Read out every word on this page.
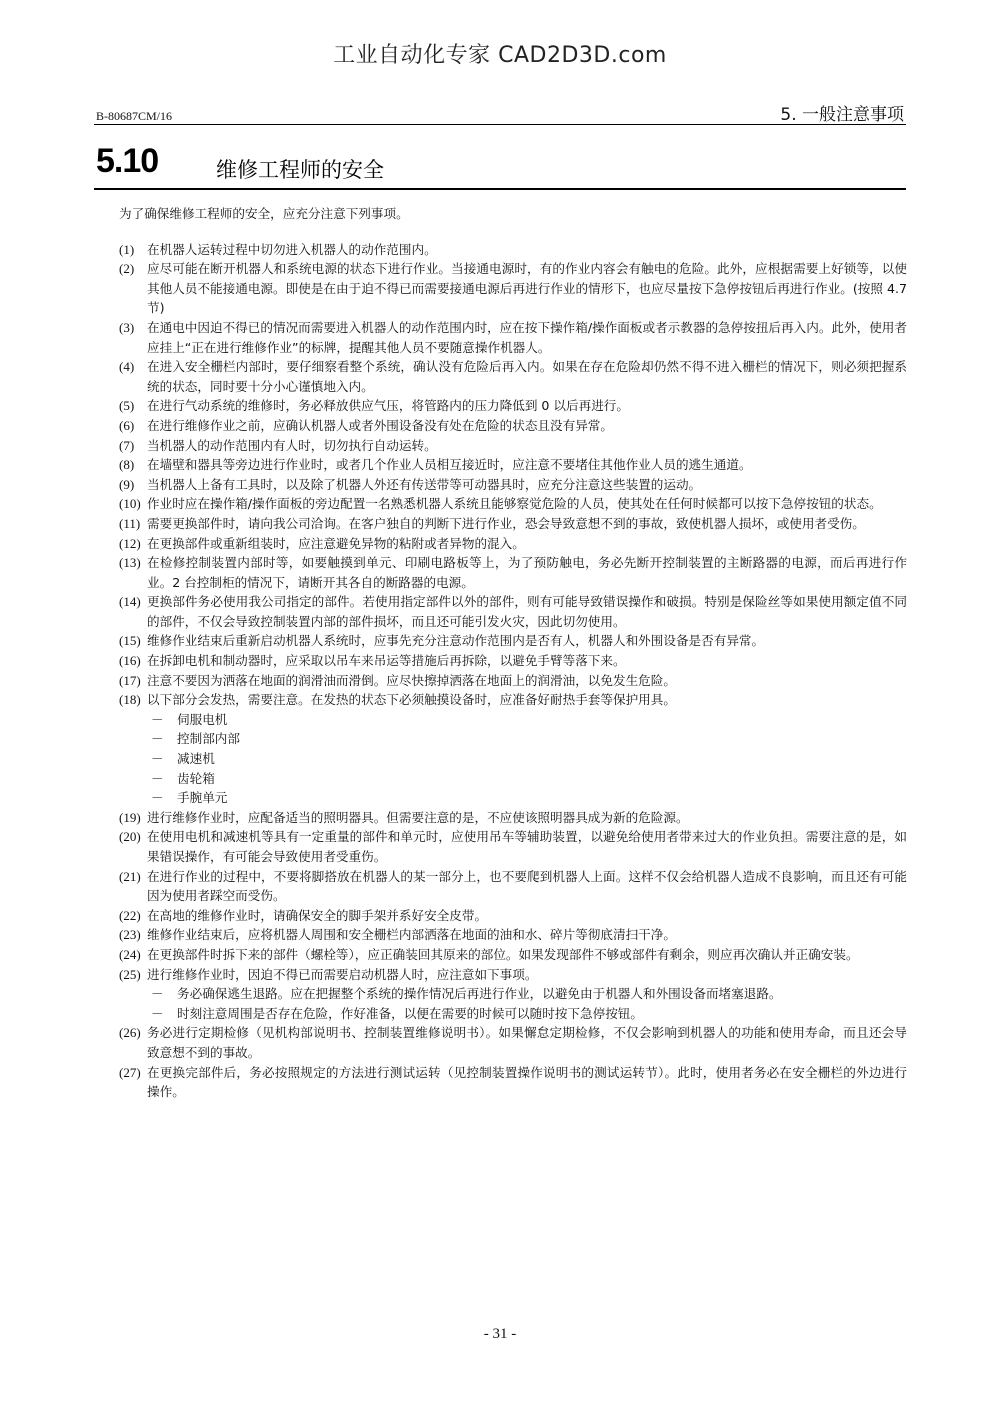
工业自动化专家 CAD2D3D.com
B-80687CM/16	5. 一般注意事项
5.10	维修工程师的安全

为了确保维修工程师的安全，应充分注意下列事项。

(1) 在机器人运转过程中切勿进入机器人的动作范围内。
(2) 应尽可能在断开机器人和系统电源的状态下进行作业。当接通电源时，有的作业内容会有触电的危险。此外，应根据需要上好锁等，以使其他人员不能接通电源。即使是在由于迫不得已而需要接通电源后再进行作业的情形下，也应尽量按下急停按钮后再进行作业。(按照 4.7 节)
(3) 在通电中因迫不得已的情况而需要进入机器人的动作范围内时，应在按下操作箱/操作面板或者示教器的急停按扭后再入内。此外，使用者应挂上“正在进行维修作业”的标牌，提醒其他人员不要随意操作机器人。
(4) 在进入安全栅栏内部时，要仔细察看整个系统，确认没有危险后再入内。如果在存在危险却仍然不得不进入栅栏的情况下，则必须把握系统的状态，同时要十分小心谨慎地入内。
(5) 在进行气动系统的维修时，务必释放供应气压，将管路内的压力降低到 0 以后再进行。
(6) 在进行维修作业之前，应确认机器人或者外围设备没有处在危险的状态且没有异常。
(7) 当机器人的动作范围内有人时，切勿执行自动运转。
(8) 在墙壁和器具等旁边进行作业时，或者几个作业人员相互接近时，应注意不要堵住其他作业人员的逃生通道。
(9) 当机器人上备有工具时，以及除了机器人外还有传送带等可动器具时，应充分注意这些装置的运动。
(10) 作业时应在操作箱/操作面板的旁边配置一名熟悉机器人系统且能够察觉危险的人员，使其处在任何时候都可以按下急停按钮的状态。
(11) 需要更换部件时，请向我公司洽询。在客户独自的判断下进行作业，恐会导致意想不到的事故，致使机器人损坏，或使用者受伤。
(12) 在更换部件或重新组装时，应注意避免异物的粘附或者异物的混入。
(13) 在检修控制装置内部时等，如要触摸到单元、印刷电路板等上，为了预防触电，务必先断开控制装置的主断路器的电源，而后再进行作业。2 台控制柜的情况下，请断开其各自的断路器的电源。
(14) 更换部件务必使用我公司指定的部件。若使用指定部件以外的部件，则有可能导致错误操作和破损。特别是保险丝等如果使用额定值不同的部件，不仅会导致控制装置内部的部件损坏，而且还可能引发火灾，因此切勿使用。
(15) 维修作业结束后重新启动机器人系统时，应事先充分注意动作范围内是否有人，机器人和外围设备是否有异常。
(16) 在拆卸电机和制动器时，应采取以吊车来吊运等措施后再拆除，以避免手臂等落下来。
(17) 注意不要因为洒落在地面的润滑油而滑倒。应尽快擦掉洒落在地面上的润滑油，以免发生危险。
(18) 以下部分会发热，需要注意。在发热的状态下必须触摸设备时，应准备好耐热手套等保护用具。
－ 伺服电机
－ 控制部内部
－ 减速机
－ 齿轮箱
－ 手腕单元
(19) 进行维修作业时，应配备适当的照明器具。但需要注意的是，不应使该照明器具成为新的危险源。
(20) 在使用电机和减速机等具有一定重量的部件和单元时，应使用吊车等辅助装置，以避免给使用者带来过大的作业负担。需要注意的是，如果错误操作，有可能会导致使用者受重伤。
(21) 在进行作业的过程中，不要将脚搭放在机器人的某一部分上，也不要爬到机器人上面。这样不仅会给机器人造成不良影响，而且还有可能因为使用者踩空而受伤。
(22) 在高地的维修作业时，请确保安全的脚手架并系好安全皮带。
(23) 维修作业结束后，应将机器人周围和安全栅栏内部洒落在地面的油和水、碎片等彻底清扫干净。
(24) 在更换部件时拆下来的部件（螺栓等），应正确装回其原来的部位。如果发现部件不够或部件有剩余，则应再次确认并正确安装。
(25) 进行维修作业时，因迫不得已而需要启动机器人时，应注意如下事项。
－ 务必确保逃生退路。应在把握整个系统的操作情况后再进行作业，以避免由于机器人和外围设备而堵塞退路。
－ 时刻注意周围是否存在危险，作好准备，以便在需要的时候可以随时按下急停按钮。
(26) 务必进行定期检修（见机构部说明书、控制装置维修说明书）。如果懈怠定期检修，不仅会影响到机器人的功能和使用寿命，而且还会导致意想不到的事故。
(27) 在更换完部件后，务必按照规定的方法进行测试运转（见控制装置操作说明书的测试运转节）。此时，使用者务必在安全栅栏的外边进行操作。
- 31 -
